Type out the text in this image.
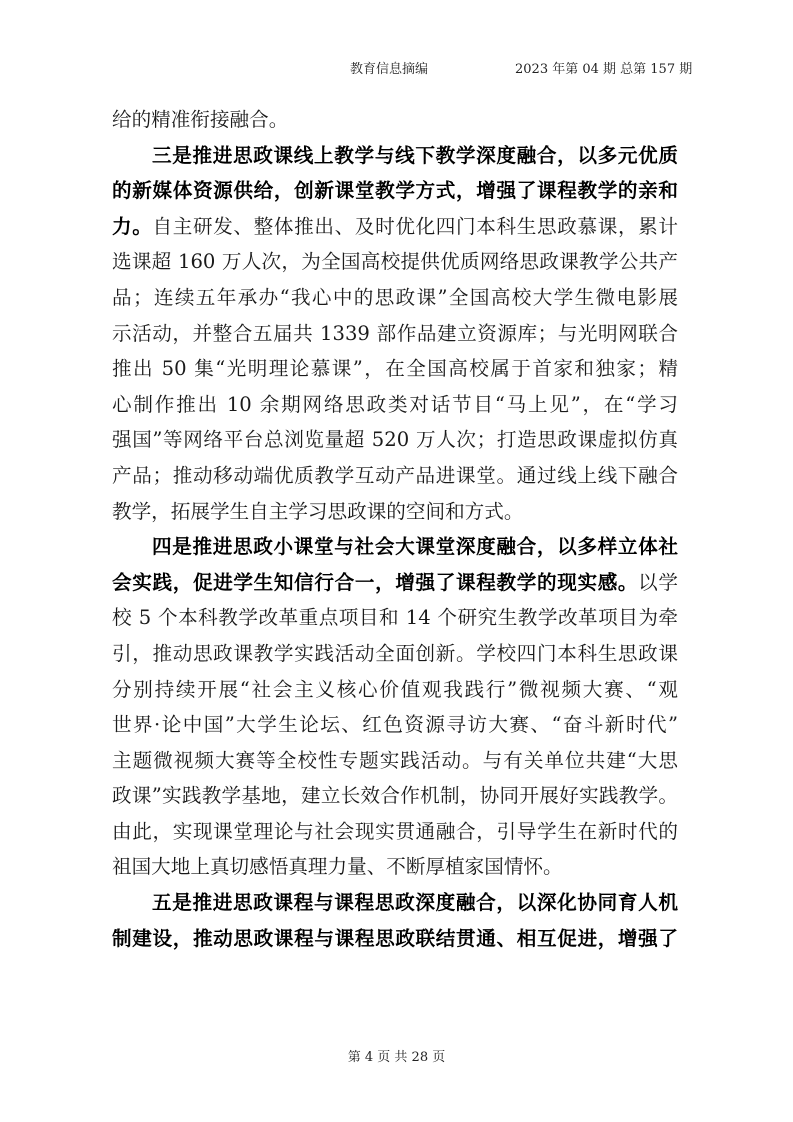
教育信息摘编	2023 年第 04 期 总第 157 期
给的精准衔接融合。
三是推进思政课线上教学与线下教学深度融合，以多元优质
的新媒体资源供给，创新课堂教学方式，增强了课程教学的亲和
力。自主研发、整体推出、及时优化四门本科生思政慕课，累计
选课超 160 万人次，为全国高校提供优质网络思政课教学公共产
品；连续五年承办“我心中的思政课”全国高校大学生微电影展
示活动，并整合五届共 1339 部作品建立资源库；与光明网联合
推出 50 集“光明理论慕课”，在全国高校属于首家和独家；精
心制作推出 10 余期网络思政类对话节目“马上见”，在“学习
强国”等网络平台总浏览量超 520 万人次；打造思政课虚拟仿真
产品；推动移动端优质教学互动产品进课堂。通过线上线下融合
教学，拓展学生自主学习思政课的空间和方式。
四是推进思政小课堂与社会大课堂深度融合，以多样立体社
会实践，促进学生知信行合一，增强了课程教学的现实感。以学
校 5 个本科教学改革重点项目和 14 个研究生教学改革项目为牵
引，推动思政课教学实践活动全面创新。学校四门本科生思政课
分别持续开展“社会主义核心价值观我践行”微视频大赛、“观
世界·论中国”大学生论坛、红色资源寻访大赛、“奋斗新时代”
主题微视频大赛等全校性专题实践活动。与有关单位共建“大思
政课”实践教学基地，建立长效合作机制，协同开展好实践教学。
由此，实现课堂理论与社会现实贯通融合，引导学生在新时代的
祖国大地上真切感悟真理力量、不断厚植家国情怀。
五是推进思政课程与课程思政深度融合，以深化协同育人机
制建设，推动思政课程与课程思政联结贯通、相互促进，增强了
第 4 页 共 28 页
